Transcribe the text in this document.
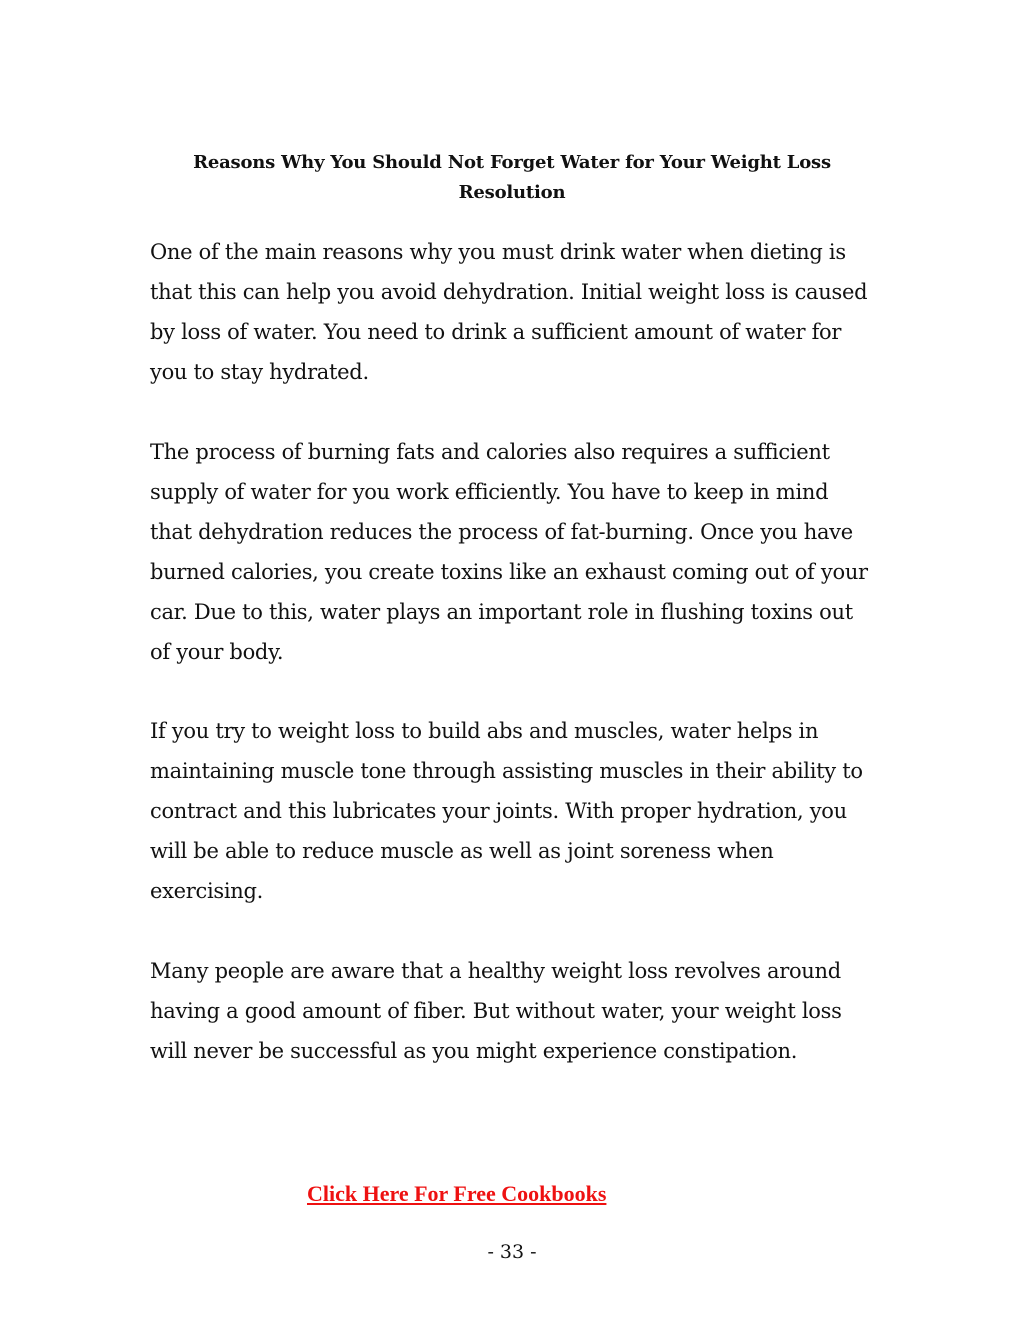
Reasons Why You Should Not Forget Water for Your Weight Loss Resolution

One of the main reasons why you must drink water when dieting is that this can help you avoid dehydration. Initial weight loss is caused by loss of water. You need to drink a sufficient amount of water for you to stay hydrated.

The process of burning fats and calories also requires a sufficient supply of water for you work efficiently. You have to keep in mind that dehydration reduces the process of fat-burning. Once you have burned calories, you create toxins like an exhaust coming out of your car. Due to this, water plays an important role in flushing toxins out of your body.

If you try to weight loss to build abs and muscles, water helps in maintaining muscle tone through assisting muscles in their ability to contract and this lubricates your joints. With proper hydration, you will be able to reduce muscle as well as joint soreness when exercising.

Many people are aware that a healthy weight loss revolves around having a good amount of fiber. But without water, your weight loss will never be successful as you might experience constipation.

Click Here For Free Cookbooks
- 33 -
